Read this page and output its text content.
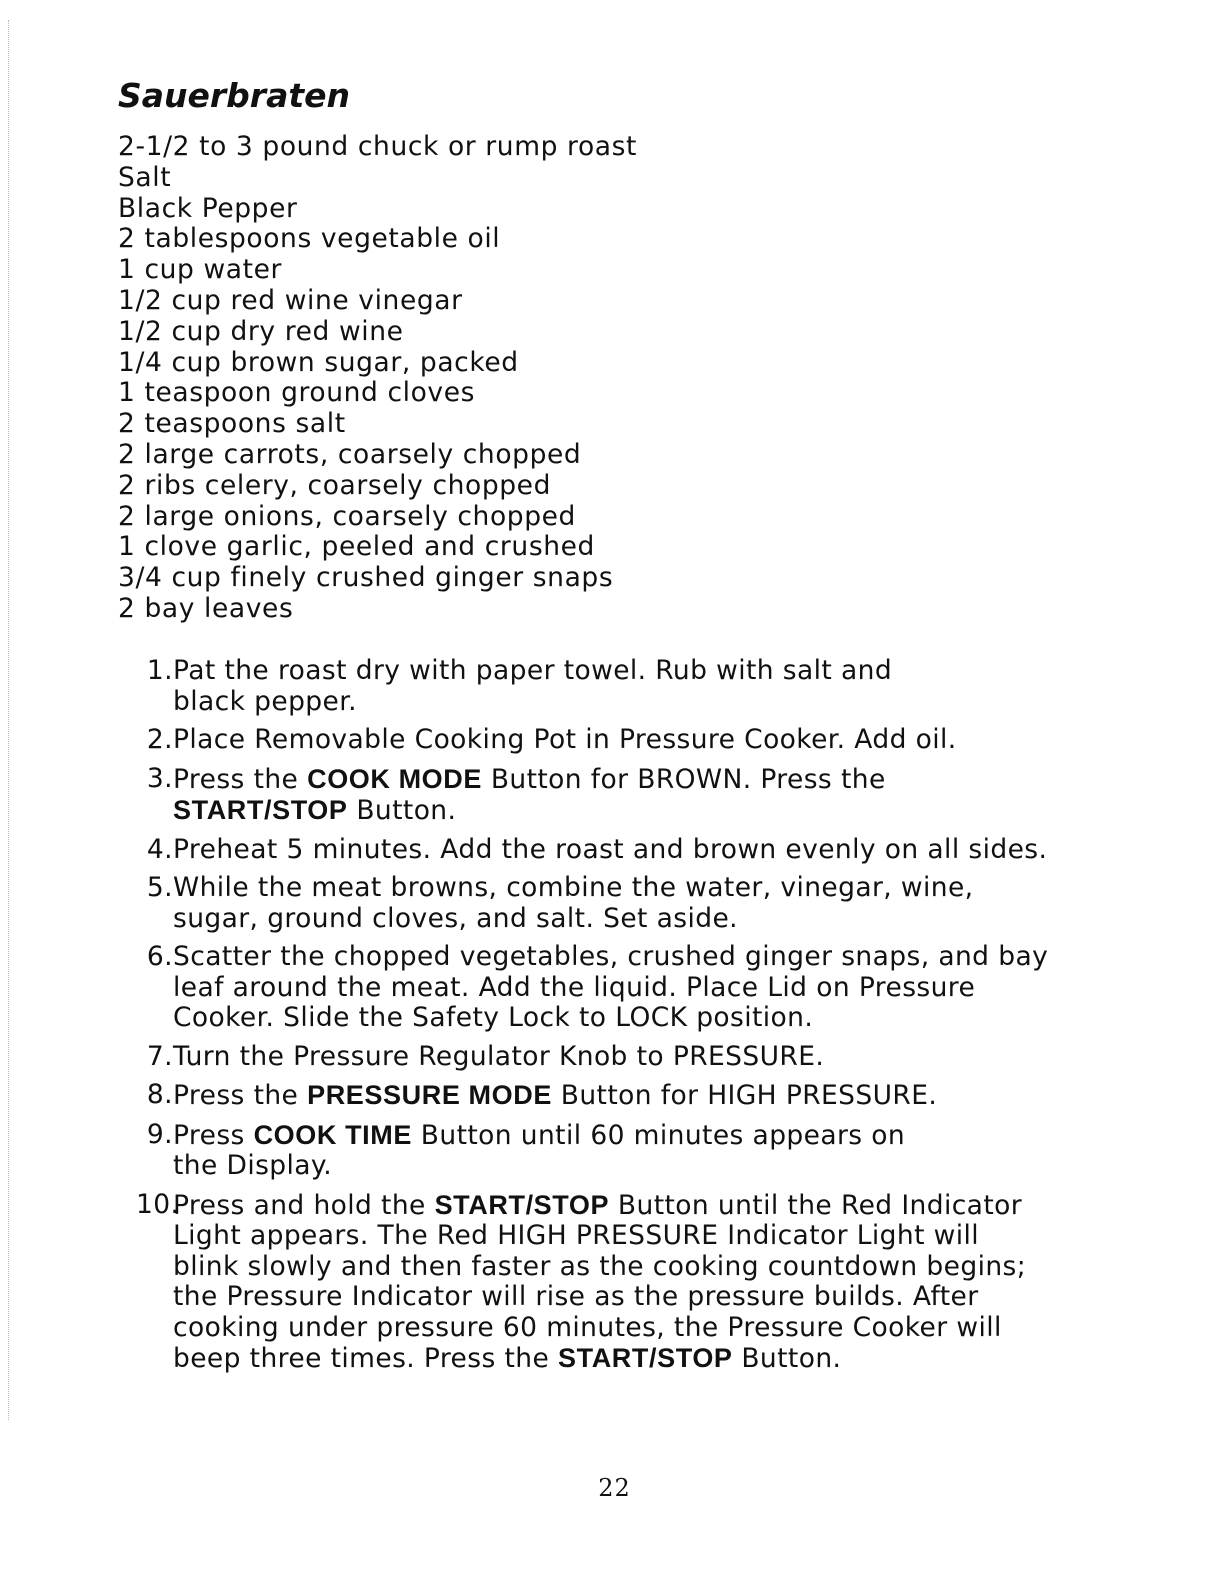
Sauerbraten
2-1/2 to 3 pound chuck or rump roast
Salt
Black Pepper
2 tablespoons vegetable oil
1 cup water
1/2 cup red wine vinegar
1/2 cup dry red wine
1/4 cup brown sugar, packed
1 teaspoon ground cloves
2 teaspoons salt
2 large carrots, coarsely chopped
2 ribs celery, coarsely chopped
2 large onions, coarsely chopped
1 clove garlic, peeled and crushed
3/4 cup finely crushed ginger snaps
2 bay leaves
1. Pat the roast dry with paper towel. Rub with salt and
black pepper.
2. Place Removable Cooking Pot in Pressure Cooker. Add oil.
3. Press the COOK MODE Button for BROWN. Press the
START/STOP Button.
4. Preheat 5 minutes. Add the roast and brown evenly on all sides.
5. While the meat browns, combine the water, vinegar, wine,
sugar, ground cloves, and salt. Set aside.
6. Scatter the chopped vegetables, crushed ginger snaps, and bay
leaf around the meat. Add the liquid. Place Lid on Pressure
Cooker. Slide the Safety Lock to LOCK position.
7. Turn the Pressure Regulator Knob to PRESSURE.
8. Press the PRESSURE MODE Button for HIGH PRESSURE.
9. Press COOK TIME Button until 60 minutes appears on
the Display.
10.
Press and hold the START/STOP Button until the Red Indicator
Light appears. The Red HIGH PRESSURE Indicator Light will
blink slowly and then faster as the cooking countdown begins;
the Pressure Indicator will rise as the pressure builds. After
cooking under pressure 60 minutes, the Pressure Cooker will
beep three times. Press the START/STOP Button.
22
